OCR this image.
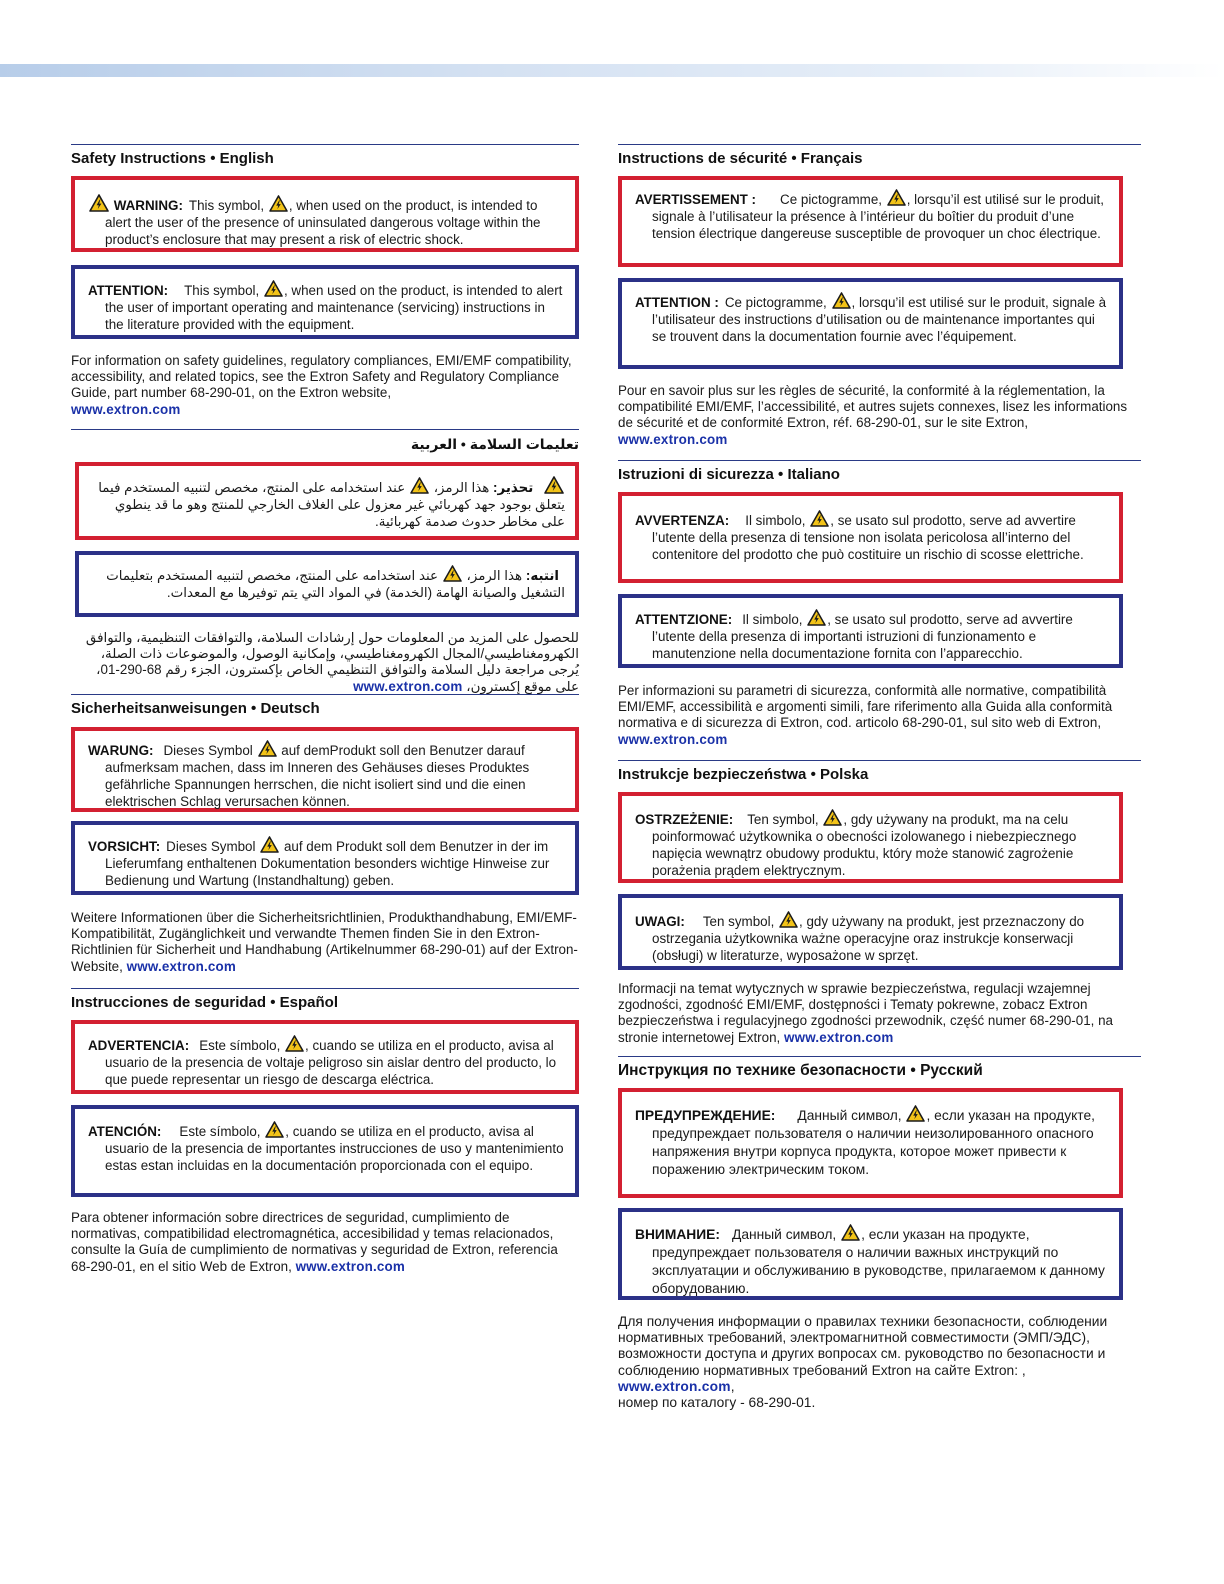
Safety Instructions • English

WARNING: This symbol, , when used on the product, is intended to alert the user of the presence of uninsulated dangerous voltage within the product’s enclosure that may present a risk of electric shock.

ATTENTION: This symbol, , when used on the product, is intended to alert the user of important operating and maintenance (servicing) instructions in the literature provided with the equipment.

For information on safety guidelines, regulatory compliances, EMI/EMF compatibility, accessibility, and related topics, see the Extron Safety and Regulatory Compliance Guide, part number 68-290-01, on the Extron website,
www.extron.com

تعليمات السلامة • العربية

تحذير: هذا الرمز،  عند استخدامه على المنتج، مخصص لتنبيه المستخدم فيما يتعلق بوجود جهد كهربائي غير معزول على الغلاف الخارجي للمنتج وهو ما قد ينطوي على مخاطر حدوث صدمة كهربائية.

انتبه: هذا الرمز،  عند استخدامه على المنتج، مخصص لتنبيه المستخدم بتعليمات التشغيل والصيانة الهامة (الخدمة) في المواد التي يتم توفيرها مع المعدات.

للحصول على المزيد من المعلومات حول إرشادات السلامة، والتوافقات التنظيمية، والتوافق الكهرومغناطيسي/المجال الكهرومغناطيسي، وإمكانية الوصول، والموضوعات ذات الصلة، يُرجى مراجعة دليل السلامة والتوافق التنظيمي الخاص بإكسترون، الجزء رقم 68-290-01، على موقع إكسترون، www.extron.com

Sicherheitsanweisungen • Deutsch

WARUNG: Dieses Symbol auf demProdukt soll den Benutzer darauf aufmerksam machen, dass im Inneren des Gehäuses dieses Produktes gefährliche Spannungen herrschen, die nicht isoliert sind und die einen elektrischen Schlag verursachen können.

VORSICHT: Dieses Symbol auf dem Produkt soll dem Benutzer in der im Lieferumfang enthaltenen Dokumentation besonders wichtige Hinweise zur Bedienung und Wartung (Instandhaltung) geben.

Weitere Informationen über die Sicherheitsrichtlinien, Produkthandhabung, EMI/EMF-Kompatibilität, Zugänglichkeit und verwandte Themen finden Sie in den Extron-Richtlinien für Sicherheit und Handhabung (Artikelnummer 68-290-01) auf der Extron-Website, www.extron.com

Instrucciones de seguridad • Español

ADVERTENCIA: Este símbolo, , cuando se utiliza en el producto, avisa al usuario de la presencia de voltaje peligroso sin aislar dentro del producto, lo que puede representar un riesgo de descarga eléctrica.

ATENCIÓN: Este símbolo, , cuando se utiliza en el producto, avisa al usuario de la presencia de importantes instrucciones de uso y mantenimiento estas estan incluidas en la documentación proporcionada con el equipo.

Para obtener información sobre directrices de seguridad, cumplimiento de normativas, compatibilidad electromagnética, accesibilidad y temas relacionados, consulte la Guía de cumplimiento de normativas y seguridad de Extron, referencia 68-290-01, en el sitio Web de Extron, www.extron.com

Instructions de sécurité • Français

AVERTISSEMENT : Ce pictogramme, , lorsqu’il est utilisé sur le produit, signale à l’utilisateur la présence à l’intérieur du boîtier du produit d’une tension électrique dangereuse susceptible de provoquer un choc électrique.

ATTENTION : Ce pictogramme, , lorsqu’il est utilisé sur le produit, signale à l’utilisateur des instructions d’utilisation ou de maintenance importantes qui se trouvent dans la documentation fournie avec l’équipement.

Pour en savoir plus sur les règles de sécurité, la conformité à la réglementation, la compatibilité EMI/EMF, l’accessibilité, et autres sujets connexes, lisez les informations de sécurité et de conformité Extron, réf. 68-290-01, sur le site Extron,
www.extron.com

Istruzioni di sicurezza • Italiano

AVVERTENZA: Il simbolo, , se usato sul prodotto, serve ad avvertire l’utente della presenza di tensione non isolata pericolosa all’interno del contenitore del prodotto che può costituire un rischio di scosse elettriche.

ATTENTZIONE: Il simbolo, , se usato sul prodotto, serve ad avvertire l’utente della presenza di importanti istruzioni di funzionamento e manutenzione nella documentazione fornita con l’apparecchio.

Per informazioni su parametri di sicurezza, conformità alle normative, compatibilità EMI/EMF, accessibilità e argomenti simili, fare riferimento alla Guida alla conformità normativa e di sicurezza di Extron, cod. articolo 68-290-01, sul sito web di Extron, www.extron.com

Instrukcje bezpieczeństwa • Polska

OSTRZEŻENIE: Ten symbol, , gdy używany na produkt, ma na celu poinformować użytkownika o obecności izolowanego i niebezpiecznego napięcia wewnątrz obudowy produktu, który może stanowić zagrożenie porażenia prądem elektrycznym.

UWAGI: Ten symbol, , gdy używany na produkt, jest przeznaczony do ostrzegania użytkownika ważne operacyjne oraz instrukcje konserwacji (obsługi) w literaturze, wyposażone w sprzęt.

Informacji na temat wytycznych w sprawie bezpieczeństwa, regulacji wzajemnej zgodności, zgodność EMI/EMF, dostępności i Tematy pokrewne, zobacz Extron bezpieczeństwa i regulacyjnego zgodności przewodnik, część numer 68-290-01, na stronie internetowej Extron, www.extron.com

Инструкция по технике безопасности • Русский

ПРЕДУПРЕЖДЕНИЕ: Данный символ, , если указан на продукте, предупреждает пользователя о наличии неизолированного опасного напряжения внутри корпуса продукта, которое может привести к поражению электрическим током.

ВНИМАНИЕ: Данный символ, , если указан на продукте, предупреждает пользователя о наличии важных инструкций по эксплуатации и обслуживанию в руководстве, прилагаемом к данному оборудованию.

Для получения информации о правилах техники безопасности, соблюдении нормативных требований, электромагнитной совместимости (ЭМП/ЭДС), возможности доступа и других вопросах см. руководство по безопасности и соблюдению нормативных требований Extron на сайте Extron: , www.extron.com,
номер по каталогу - 68-290-01.
